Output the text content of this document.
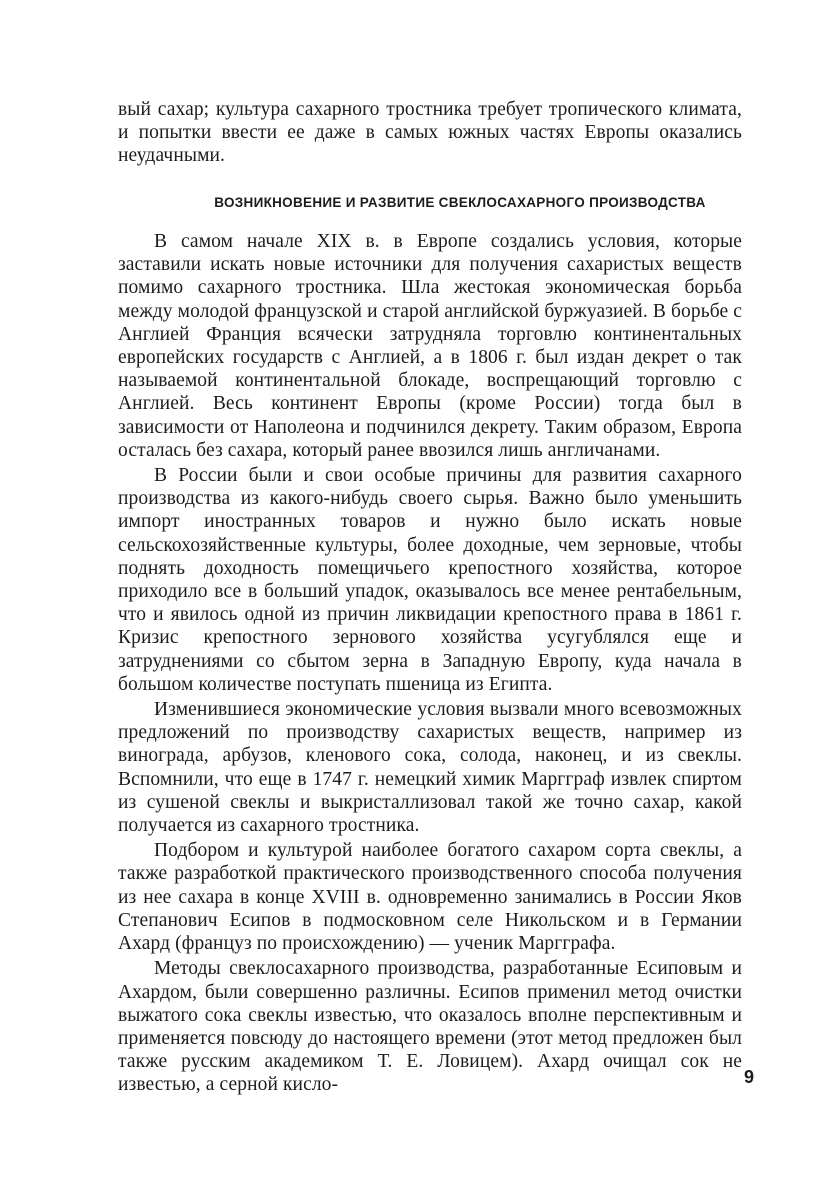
вый сахар; культура сахарного тростника требует тропического климата, и попытки ввести ее даже в самых южных частях Европы оказались неудачными.

ВОЗНИКНОВЕНИЕ И РАЗВИТИЕ СВЕКЛОСАХАРНОГО ПРОИЗВОДСТВА

В самом начале XIX в. в Европе создались условия, которые заставили искать новые источники для получения сахаристых веществ помимо сахарного тростника. Шла жестокая экономическая борьба между молодой французской и старой английской буржуазией. В борьбе с Англией Франция всячески затрудняла торговлю континентальных европейских государств с Англией, а в 1806 г. был издан декрет о так называемой континентальной блокаде, воспрещающий торговлю с Англией. Весь континент Европы (кроме России) тогда был в зависимости от Наполеона и подчинился декрету. Таким образом, Европа осталась без сахара, который ранее ввозился лишь англичанами.

В России были и свои особые причины для развития сахарного производства из какого-нибудь своего сырья. Важно было уменьшить импорт иностранных товаров и нужно было искать новые сельскохозяйственные культуры, более доходные, чем зерновые, чтобы поднять доходность помещичьего крепостного хозяйства, которое приходило все в больший упадок, оказывалось все менее рентабельным, что и явилось одной из причин ликвидации крепостного права в 1861 г. Кризис крепостного зернового хозяйства усугублялся еще и затруднениями со сбытом зерна в Западную Европу, куда начала в большом количестве поступать пшеница из Египта.

Изменившиеся экономические условия вызвали много всевозможных предложений по производству сахаристых веществ, например из винограда, арбузов, кленового сока, солода, наконец, и из свеклы. Вспомнили, что еще в 1747 г. немецкий химик Маргграф извлек спиртом из сушеной свеклы и выкристаллизовал такой же точно сахар, какой получается из сахарного тростника.

Подбором и культурой наиболее богатого сахаром сорта свеклы, а также разработкой практического производственного способа получения из нее сахара в конце XVIII в. одновременно занимались в России Яков Степанович Есипов в подмосковном селе Никольском и в Германии Ахард (француз по происхождению) — ученик Маргграфа.

Методы свеклосахарного производства, разработанные Есиповым и Ахардом, были совершенно различны. Есипов применил метод очистки выжатого сока свеклы известью, что оказалось вполне перспективным и применяется повсюду до настоящего времени (этот метод предложен был также русским академиком Т. Е. Ловицем). Ахард очищал сок не известью, а серной кисло-	9
